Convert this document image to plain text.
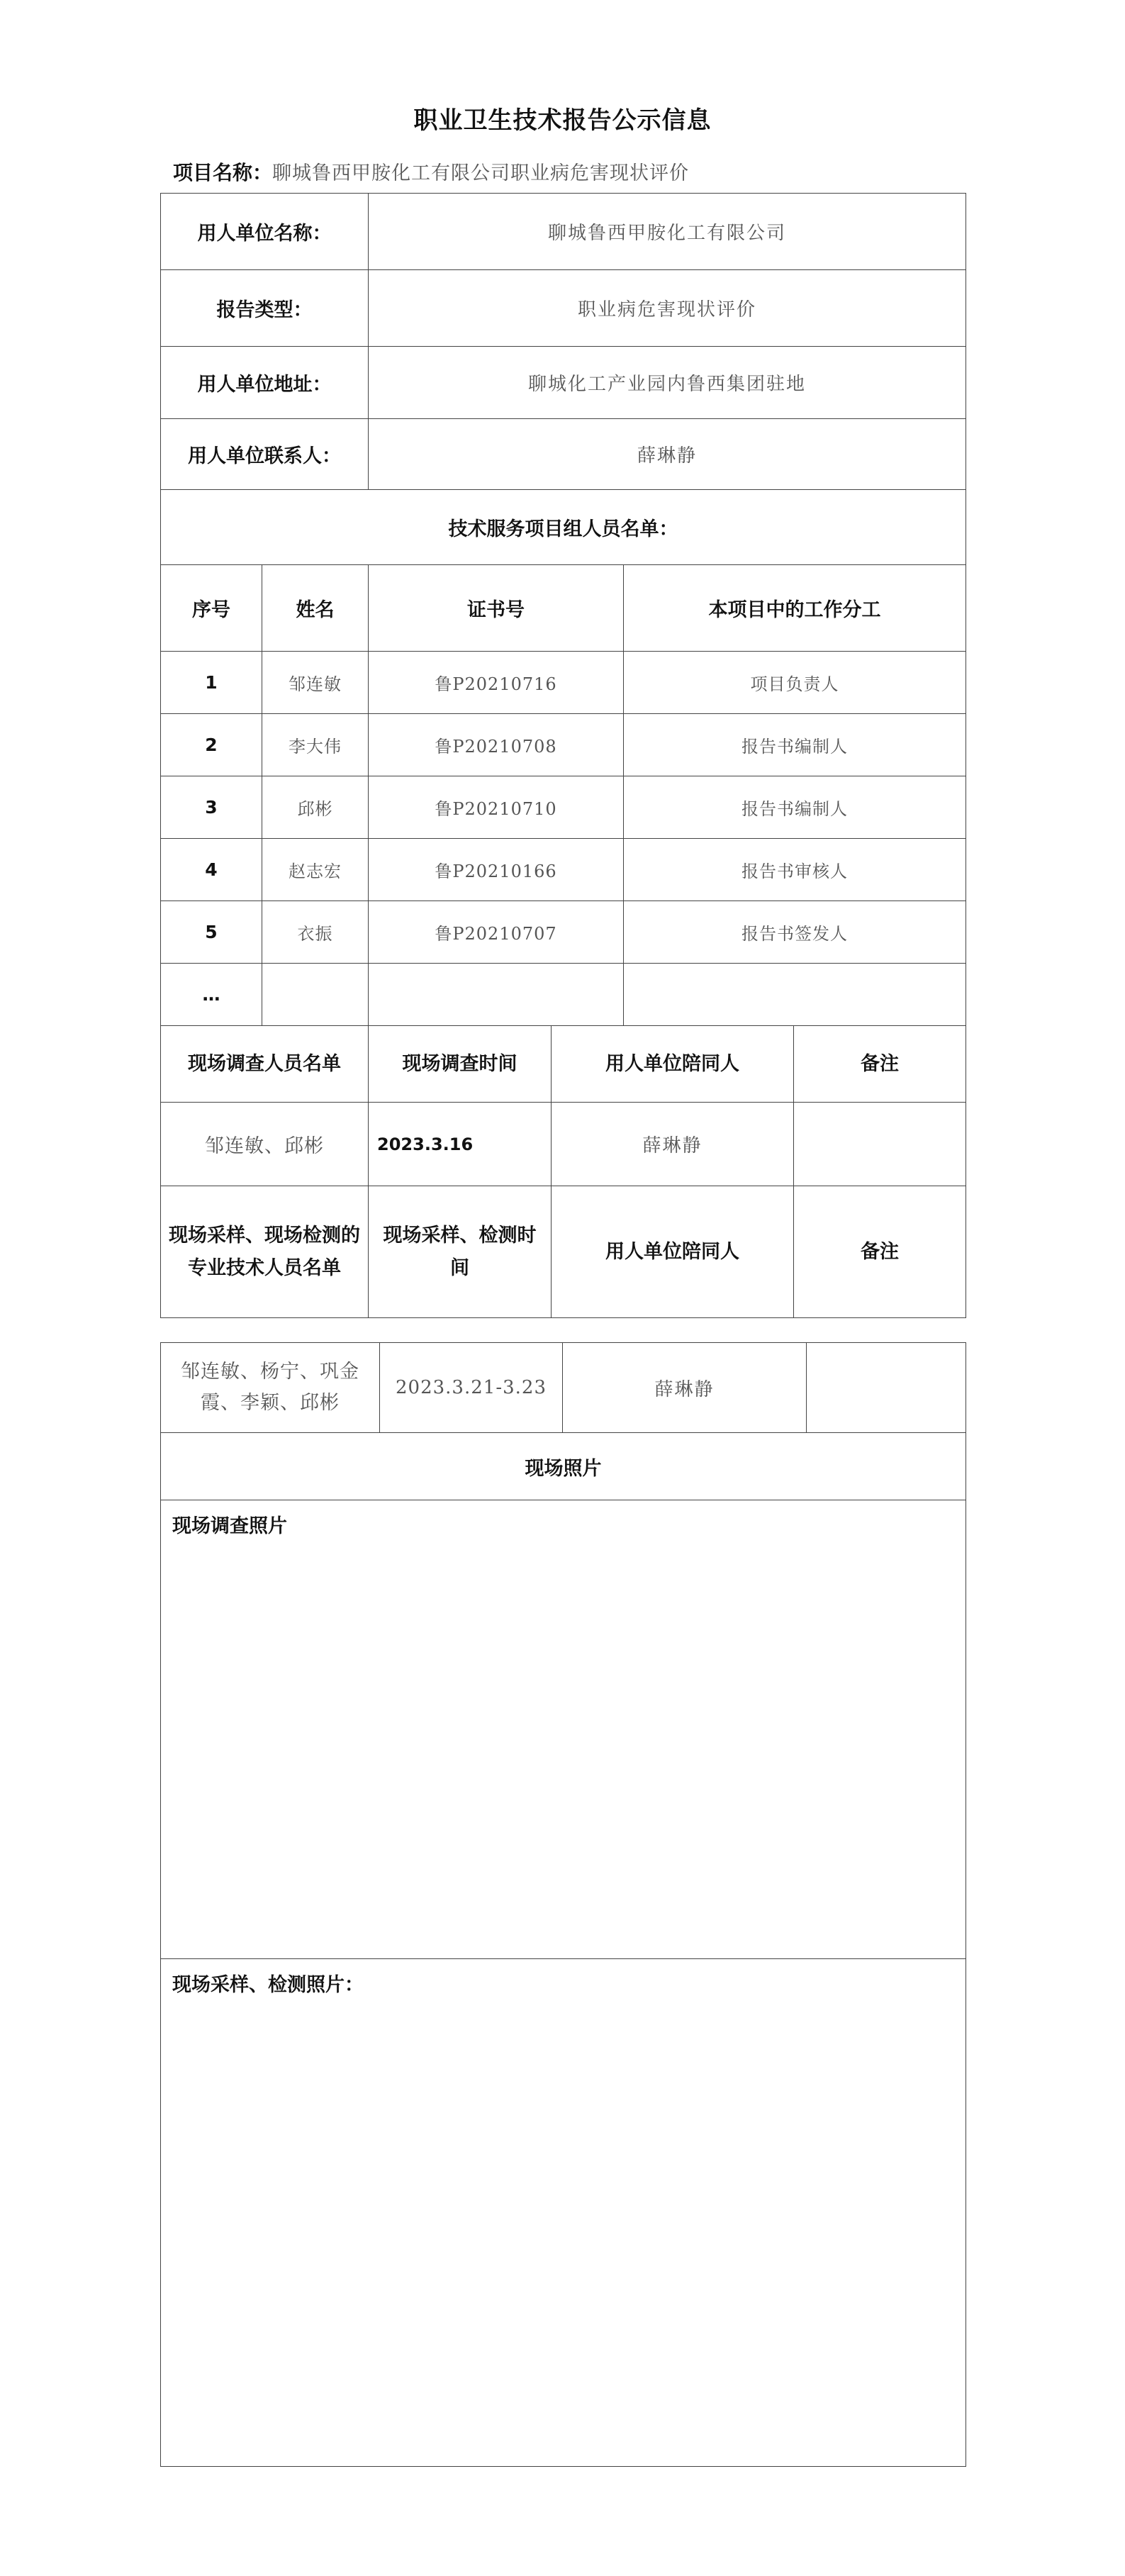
职业卫生技术报告公示信息
项目名称：聊城鲁西甲胺化工有限公司职业病危害现状评价
用人单位名称：		聊城鲁西甲胺化工有限公司			
报告类型：		职业病危害现状评价			
用人单位地址：		聊城化工产业园内鲁西集团驻地			
用人单位联系人：		薛琳静			
技术服务项目组人员名单：					
序号	姓名	证书号		本项目中的工作分工	
1	邹连敏	鲁P20210716		项目负责人	
2	李大伟	鲁P20210708		报告书编制人	
3	邱彬	鲁P20210710		报告书编制人	
4	赵志宏	鲁P20210166		报告书审核人	
5	衣振	鲁P20210707		报告书签发人	
…					
现场调查人员名单		现场调查时间	用人单位陪同人		备注
邹连敏、邱彬		2023.3.16	薛琳静		
现场采样、现场检测的专业技术人员名单		现场采样、检测时间	用人单位陪同人		备注
邹连敏、杨宁、巩金霞、李颖、邱彬	2023.3.21-3.23	薛琳静	
现场照片
现场调查照片
现场采样、检测照片：
